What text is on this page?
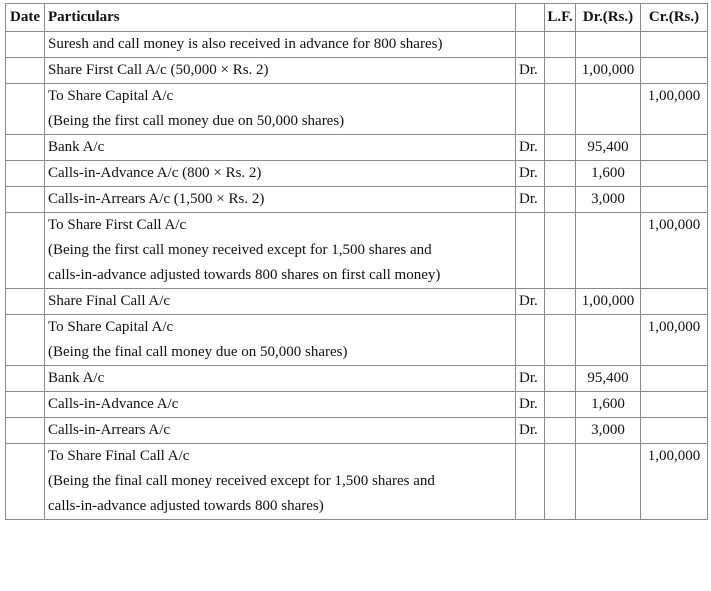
Date	Particulars		L.F.	Dr.(Rs.)	Cr.(Rs.)

	Suresh and call money is also received in advance for 800 shares)				

	Share First Call A/c (50,000 × Rs. 2)	Dr.		1,00,000	

	To Share Capital A/c
(Being the first call money due on 50,000 shares)				1,00,000

	Bank A/c	Dr.		95,400	

	Calls-in-Advance A/c (800 × Rs. 2)	Dr.		1,600	

	Calls-in-Arrears A/c (1,500 × Rs. 2)	Dr.		3,000	

	To Share First Call A/c
(Being the first call money received except for 1,500 shares and
calls-in-advance adjusted towards 800 shares on first call money)				1,00,000

	Share Final Call A/c	Dr.		1,00,000	

	To Share Capital A/c
(Being the final call money due on 50,000 shares)				1,00,000

	Bank A/c	Dr.		95,400	

	Calls-in-Advance A/c	Dr.		1,600	

	Calls-in-Arrears A/c	Dr.		3,000	

	To Share Final Call A/c
(Being the final call money received except for 1,500 shares and
calls-in-advance adjusted towards 800 shares)				1,00,000
